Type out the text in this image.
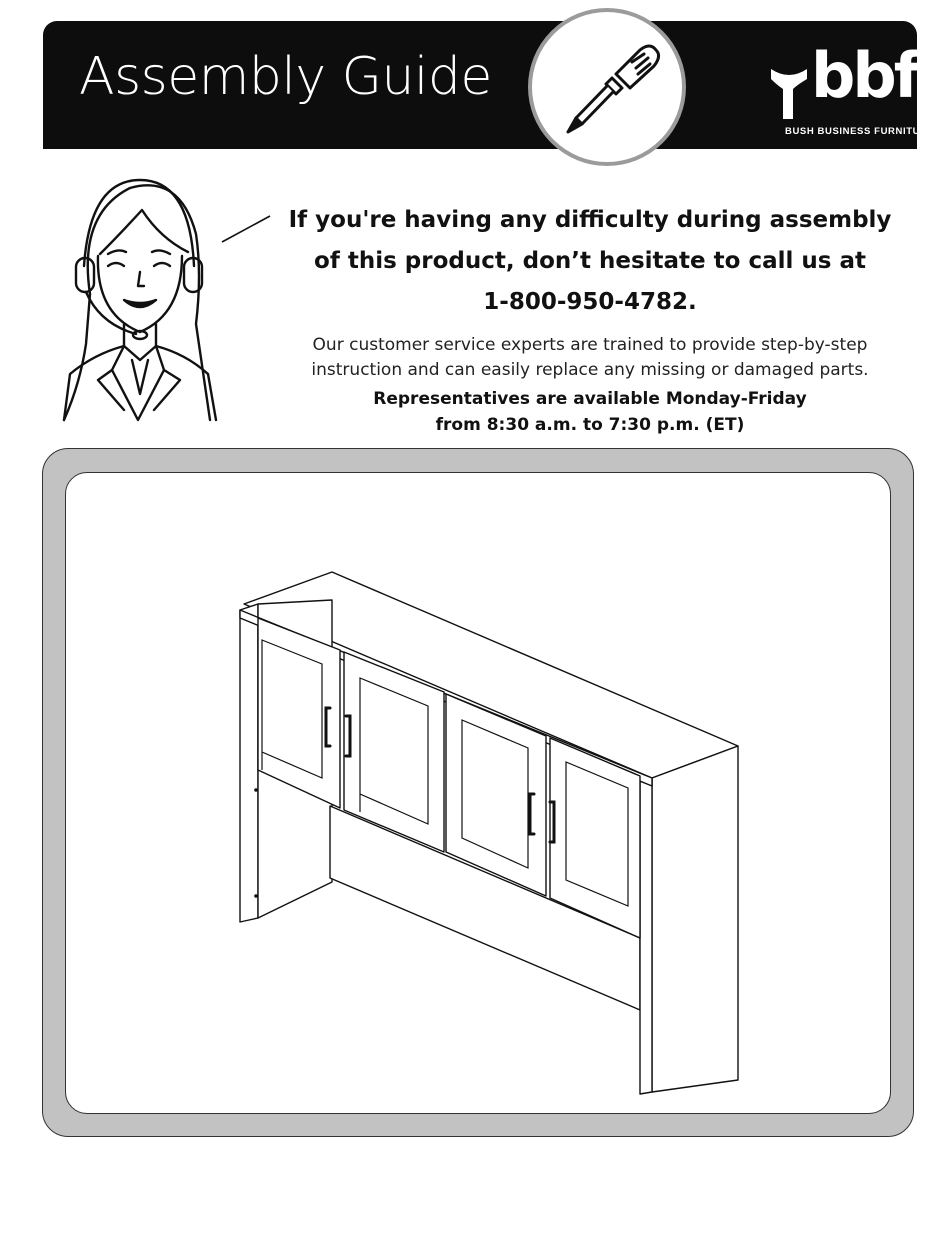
Assembly Guide	bbf
BUSH BUSINESS FURNITURE

If you're having any difficulty during assembly

of this product, don’t hesitate to call us at

1-800-950-4782.

Our customer service experts are trained to provide step-by-step
instruction and can easily replace any missing or damaged parts.
Representatives are available Monday-Friday
from 8:30 a.m. to 7:30 p.m. (ET)
